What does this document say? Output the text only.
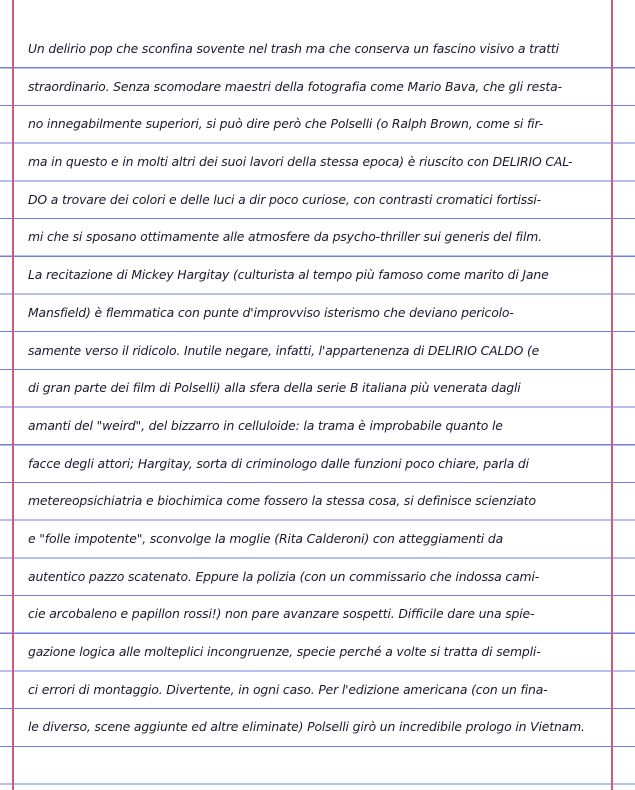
Un delirio pop che sconfina sovente nel trash ma che conserva un fascino visivo a tratti
straordinario. Senza scomodare maestri della fotografia come Mario Bava, che gli resta-
no innegabilmente superiori, si può dire però che Polselli (o Ralph Brown, come si fir-
ma in questo e in molti altri dei suoi lavori della stessa epoca) è riuscito con DELIRIO CAL-
DO a trovare dei colori e delle luci a dir poco curiose, con contrasti cromatici fortissi-
mi che si sposano ottimamente alle atmosfere da psycho-thriller sui generis del film.
La recitazione di Mickey Hargitay (culturista al tempo più famoso come marito di Jane
Mansfield) è flemmatica con punte d'improvviso isterismo che deviano pericolo-
samente verso il ridicolo. Inutile negare, infatti, l'appartenenza di DELIRIO CALDO (e
di gran parte dei film di Polselli) alla sfera della serie B italiana più venerata dagli
amanti del "weird", del bizzarro in celluloide: la trama è improbabile quanto le
facce degli attori; Hargitay, sorta di criminologo dalle funzioni poco chiare, parla di
metereopsichiatria e biochimica come fossero la stessa cosa, si definisce scienziato
e "folle impotente", sconvolge la moglie (Rita Calderoni) con atteggiamenti da
autentico pazzo scatenato. Eppure la polizia (con un commissario che indossa cami-
cie arcobaleno e papillon rossi!) non pare avanzare sospetti. Difficile dare una spie-
gazione logica alle molteplici incongruenze, specie perché a volte si tratta di sempli-
ci errori di montaggio. Divertente, in ogni caso. Per l'edizione americana (con un fina-
le diverso, scene aggiunte ed altre eliminate) Polselli girò un incredibile prologo in Vietnam.
